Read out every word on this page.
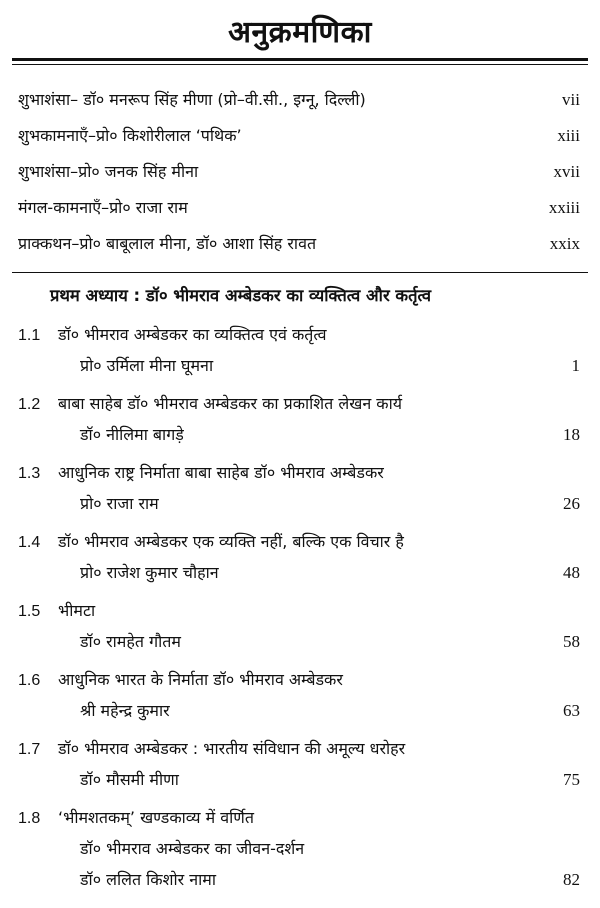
अनुक्रमणिका
शुभाशंसा– डॉ० मनरूप सिंह मीणा (प्रो–वी.सी., इग्नू, दिल्ली)	vii
शुभकामनाएँ–प्रो० किशोरीलाल ‘पथिक’	xiii
शुभाशंसा–प्रो० जनक सिंह मीना	xvii
मंगल-कामनाएँ–प्रो० राजा राम	xxiii
प्राक्कथन–प्रो० बाबूलाल मीना, डॉ० आशा सिंह रावत	xxix
प्रथम अध्याय : डॉ० भीमराव अम्बेडकर का व्यक्तित्व और कर्तृत्व
1.1	डॉ० भीमराव अम्बेडकर का व्यक्तित्व एवं कर्तृत्व
प्रो० उर्मिला मीना घूमना	1
1.2	बाबा साहेब डॉ० भीमराव अम्बेडकर का प्रकाशित लेखन कार्य
डॉ० नीलिमा बागड़े	18
1.3	आधुनिक राष्ट्र निर्माता बाबा साहेब डॉ० भीमराव अम्बेडकर
प्रो० राजा राम	26
1.4	डॉ० भीमराव अम्बेडकर एक व्यक्ति नहीं, बल्कि एक विचार है
प्रो० राजेश कुमार चौहान	48
1.5	भीमटा
डॉ० रामहेत गौतम	58
1.6	आधुनिक भारत के निर्माता डॉ० भीमराव अम्बेडकर
श्री महेन्द्र कुमार	63
1.7	डॉ० भीमराव अम्बेडकर : भारतीय संविधान की अमूल्य धरोहर
डॉ० मौसमी मीणा	75
1.8	‘भीमशतकम्’ खण्डकाव्य में वर्णित
डॉ० भीमराव अम्बेडकर का जीवन-दर्शन
डॉ० ललित किशोर नामा	82
